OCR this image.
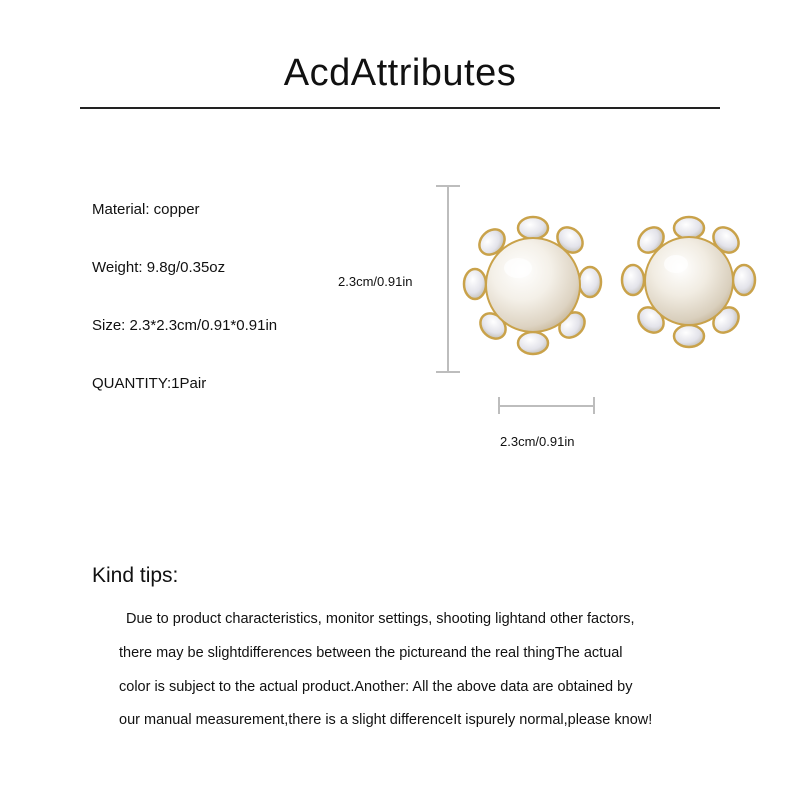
AcdAttributes
Material: copper
Weight: 9.8g/0.35oz
Size: 2.3*2.3cm/0.91*0.91in
QUANTITY:1Pair
2.3cm/0.91in
2.3cm/0.91in
Kind tips:
Due to product characteristics, monitor settings, shooting lightand other factors,
there may be slightdifferences between the pictureand the real thingThe actual
color is subject to the actual product.Another: All the above data are obtained by
our manual measurement,there is a slight differenceIt ispurely normal,please know!
